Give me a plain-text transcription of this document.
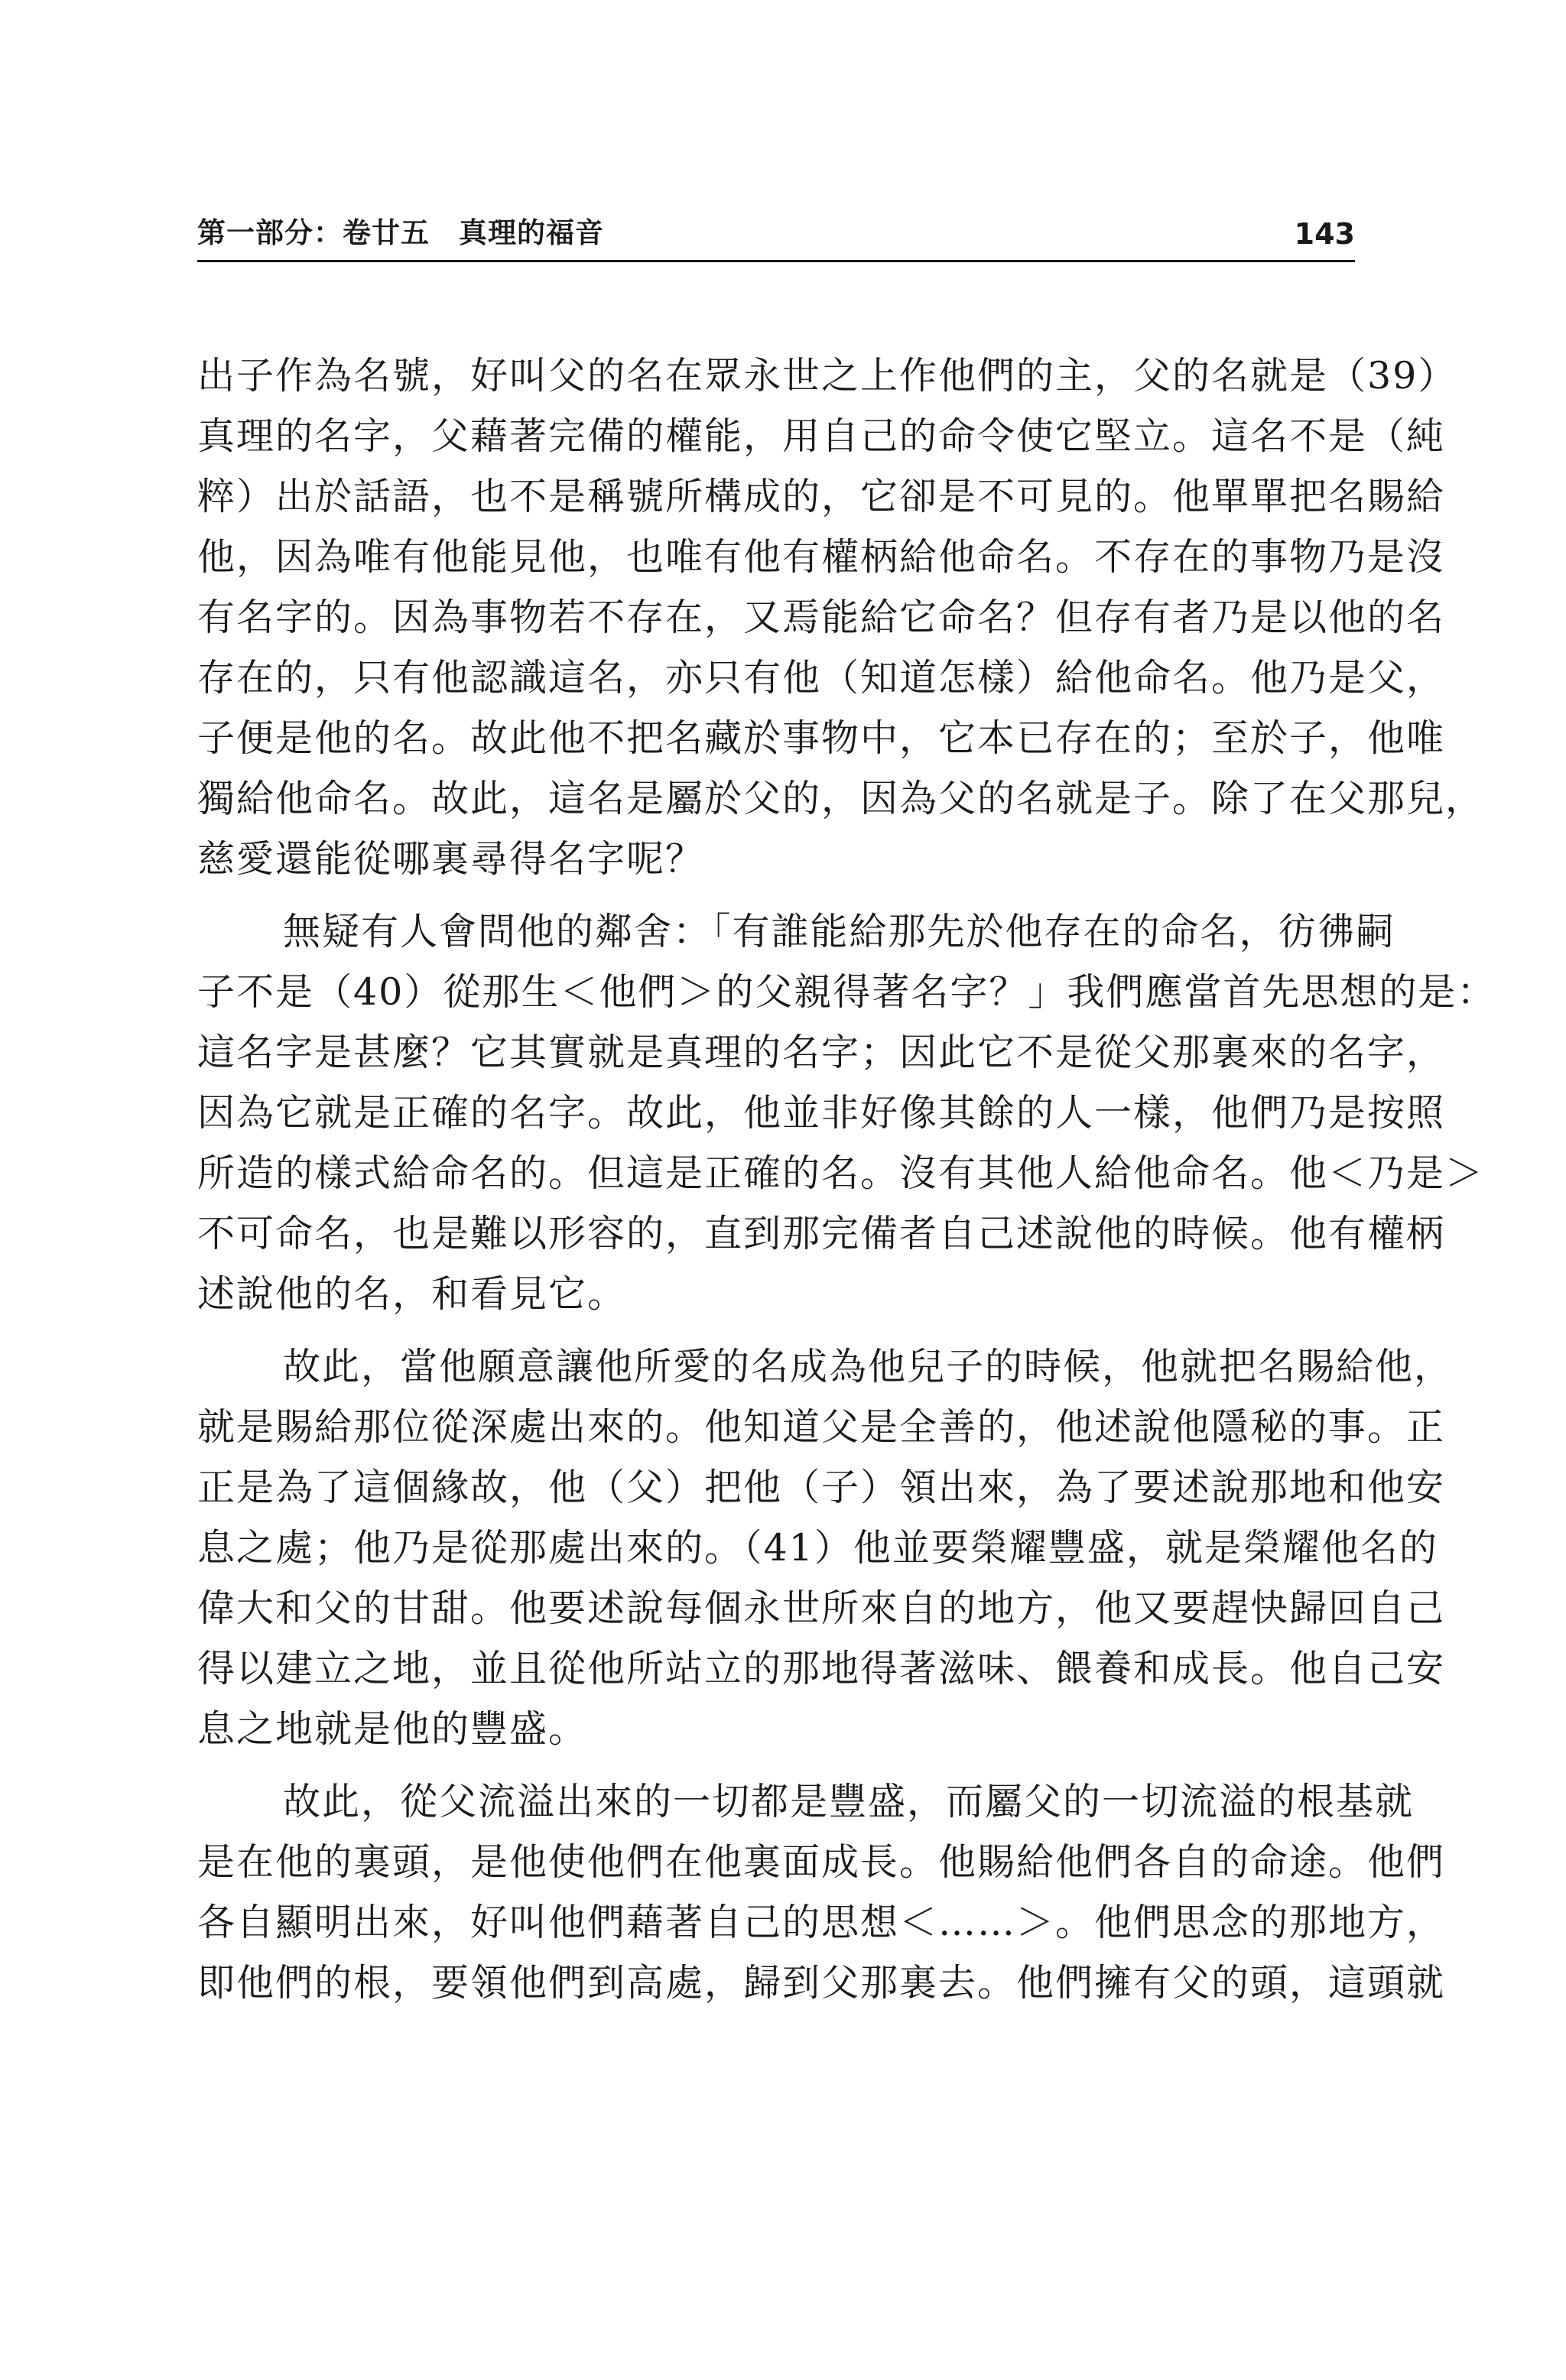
第一部分：卷廿五　真理的福音	143
出子作為名號，好叫父的名在眾永世之上作他們的主，父的名就是（39）
真理的名字，父藉著完備的權能，用自己的命令使它堅立。這名不是（純
粹）出於話語，也不是稱號所構成的，它卻是不可見的。他單單把名賜給
他，因為唯有他能見他，也唯有他有權柄給他命名。不存在的事物乃是沒
有名字的。因為事物若不存在，又焉能給它命名？但存有者乃是以他的名
存在的，只有他認識這名，亦只有他（知道怎樣）給他命名。他乃是父，
子便是他的名。故此他不把名藏於事物中，它本已存在的；至於子，他唯
獨給他命名。故此，這名是屬於父的，因為父的名就是子。除了在父那兒，
慈愛還能從哪裏尋得名字呢？
無疑有人會問他的鄰舍：「有誰能給那先於他存在的命名，彷彿嗣
子不是（40）從那生＜他們＞的父親得著名字？」我們應當首先思想的是：
這名字是甚麼？它其實就是真理的名字；因此它不是從父那裏來的名字，
因為它就是正確的名字。故此，他並非好像其餘的人一樣，他們乃是按照
所造的樣式給命名的。但這是正確的名。沒有其他人給他命名。他＜乃是＞
不可命名，也是難以形容的，直到那完備者自己述說他的時候。他有權柄
述說他的名，和看見它。
故此，當他願意讓他所愛的名成為他兒子的時候，他就把名賜給他，
就是賜給那位從深處出來的。他知道父是全善的，他述說他隱秘的事。正
正是為了這個緣故，他（父）把他（子）領出來，為了要述說那地和他安
息之處；他乃是從那處出來的。（41）他並要榮耀豐盛，就是榮耀他名的
偉大和父的甘甜。他要述說每個永世所來自的地方，他又要趕快歸回自己
得以建立之地，並且從他所站立的那地得著滋味、餵養和成長。他自己安
息之地就是他的豐盛。
故此，從父流溢出來的一切都是豐盛，而屬父的一切流溢的根基就
是在他的裏頭，是他使他們在他裏面成長。他賜給他們各自的命途。他們
各自顯明出來，好叫他們藉著自己的思想＜……＞。他們思念的那地方，
即他們的根，要領他們到高處，歸到父那裏去。他們擁有父的頭，這頭就
